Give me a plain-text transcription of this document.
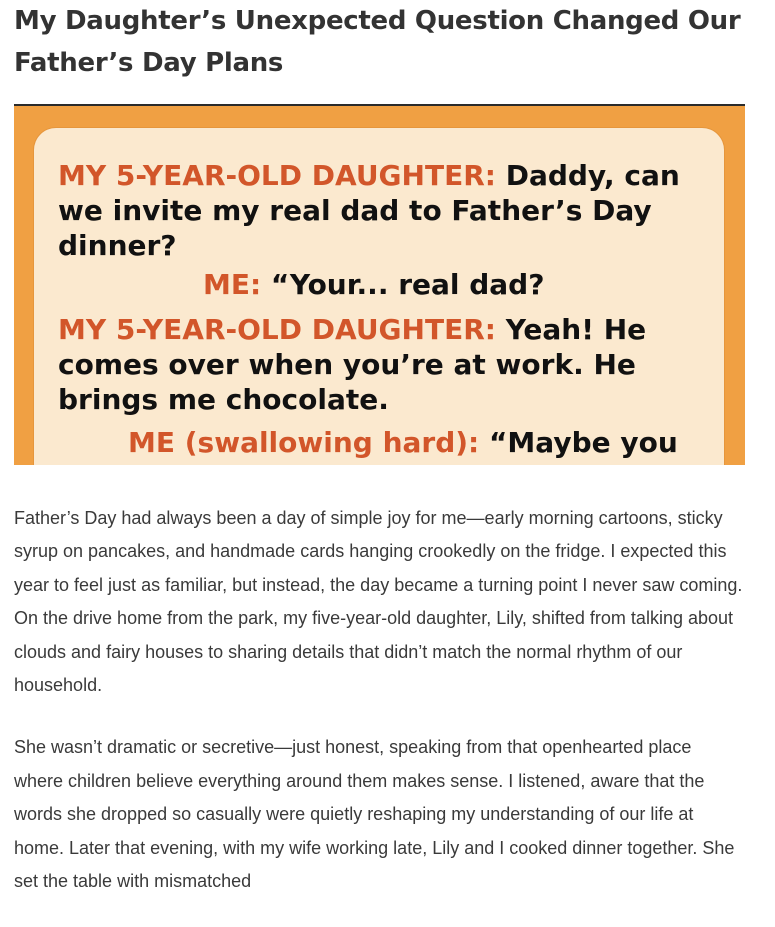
My Daughter’s Unexpected Question Changed Our
Father’s Day Plans

MY 5-YEAR-OLD DAUGHTER: Daddy, can we invite my real dad to Father’s Day dinner?

ME: “Your... real dad?

MY 5-YEAR-OLD DAUGHTER: Yeah! He comes over when you’re at work. He brings me chocolate.

ME (swallowing hard): “Maybe you

Father’s Day had always been a day of simple joy for me—early morning cartoons, sticky syrup on pancakes, and handmade cards hanging crookedly on the fridge. I expected this year to feel just as familiar, but instead, the day became a turning point I never saw coming. On the drive home from the park, my five-year-old daughter, Lily, shifted from talking about clouds and fairy houses to sharing details that didn’t match the normal rhythm of our household.

She wasn’t dramatic or secretive—just honest, speaking from that openhearted place where children believe everything around them makes sense. I listened, aware that the words she dropped so casually were quietly reshaping my understanding of our life at home. Later that evening, with my wife working late, Lily and I cooked dinner together. She set the table with mismatched
